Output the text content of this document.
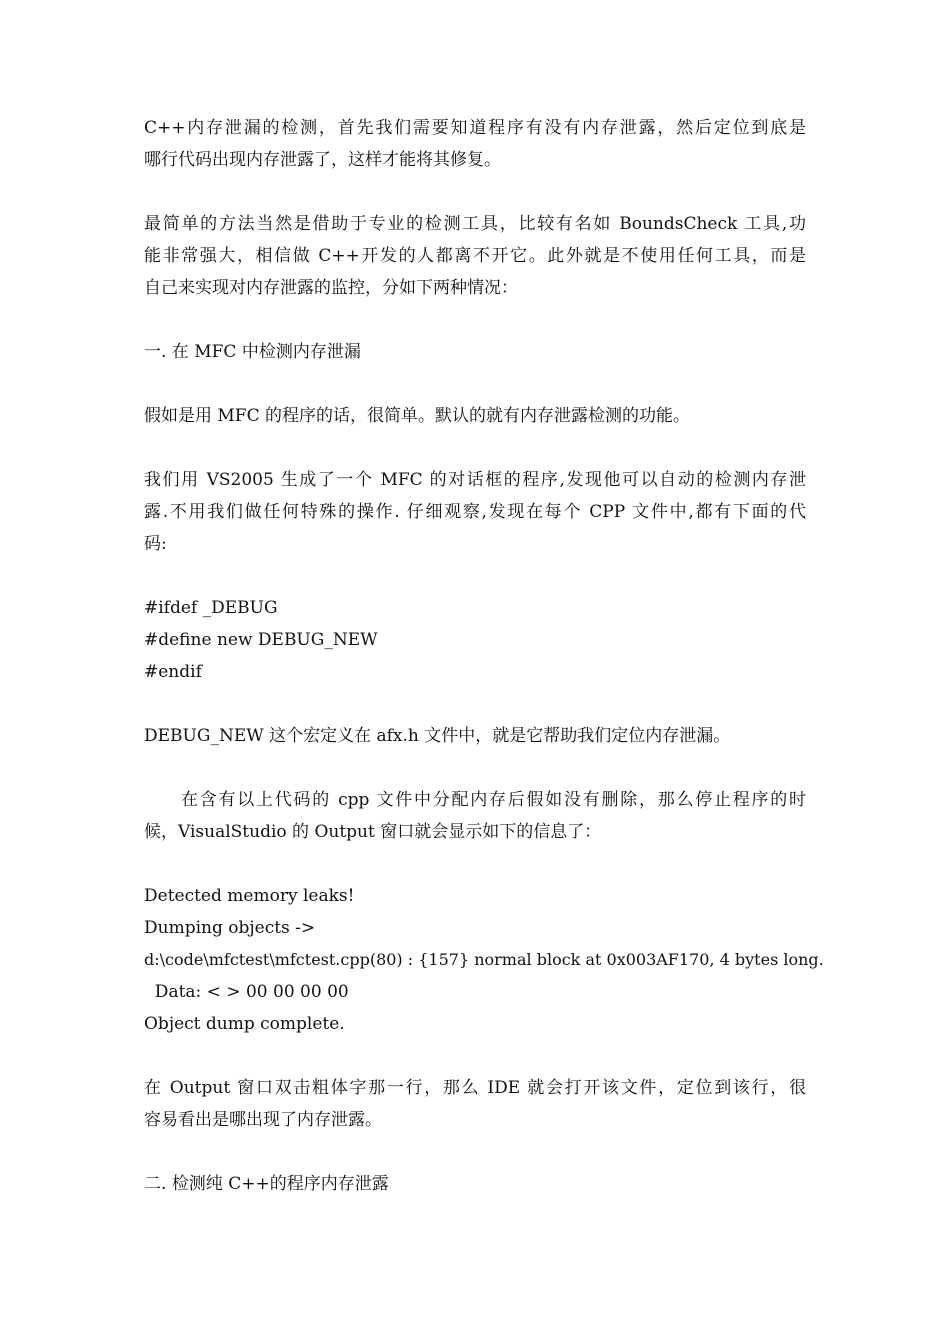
C++内存泄漏的检测，首先我们需要知道程序有没有内存泄露，然后定位到底是
哪行代码出现内存泄露了，这样才能将其修复。
最简单的方法当然是借助于专业的检测工具，比较有名如 BoundsCheck 工具,功
能非常强大，相信做 C++开发的人都离不开它。此外就是不使用任何工具，而是
自己来实现对内存泄露的监控，分如下两种情况：
一. 在 MFC 中检测内存泄漏
假如是用 MFC 的程序的话，很简单。默认的就有内存泄露检测的功能。
我们用 VS2005 生成了一个 MFC 的对话框的程序,发现他可以自动的检测内存泄
露.不用我们做任何特殊的操作. 仔细观察,发现在每个 CPP 文件中,都有下面的代
码:
#ifdef _DEBUG
#define new DEBUG_NEW
#endif
DEBUG_NEW 这个宏定义在 afx.h 文件中，就是它帮助我们定位内存泄漏。
在含有以上代码的 cpp 文件中分配内存后假如没有删除，那么停止程序的时
候，VisualStudio 的 Output 窗口就会显示如下的信息了：
Detected memory leaks!
Dumping objects ->
d:\code\mfctest\mfctest.cpp(80) : {157} normal block at 0x003AF170, 4 bytes long.
Data: < > 00 00 00 00
Object dump complete.
在 Output 窗口双击粗体字那一行，那么 IDE 就会打开该文件，定位到该行，很
容易看出是哪出现了内存泄露。
二. 检测纯 C++的程序内存泄露
